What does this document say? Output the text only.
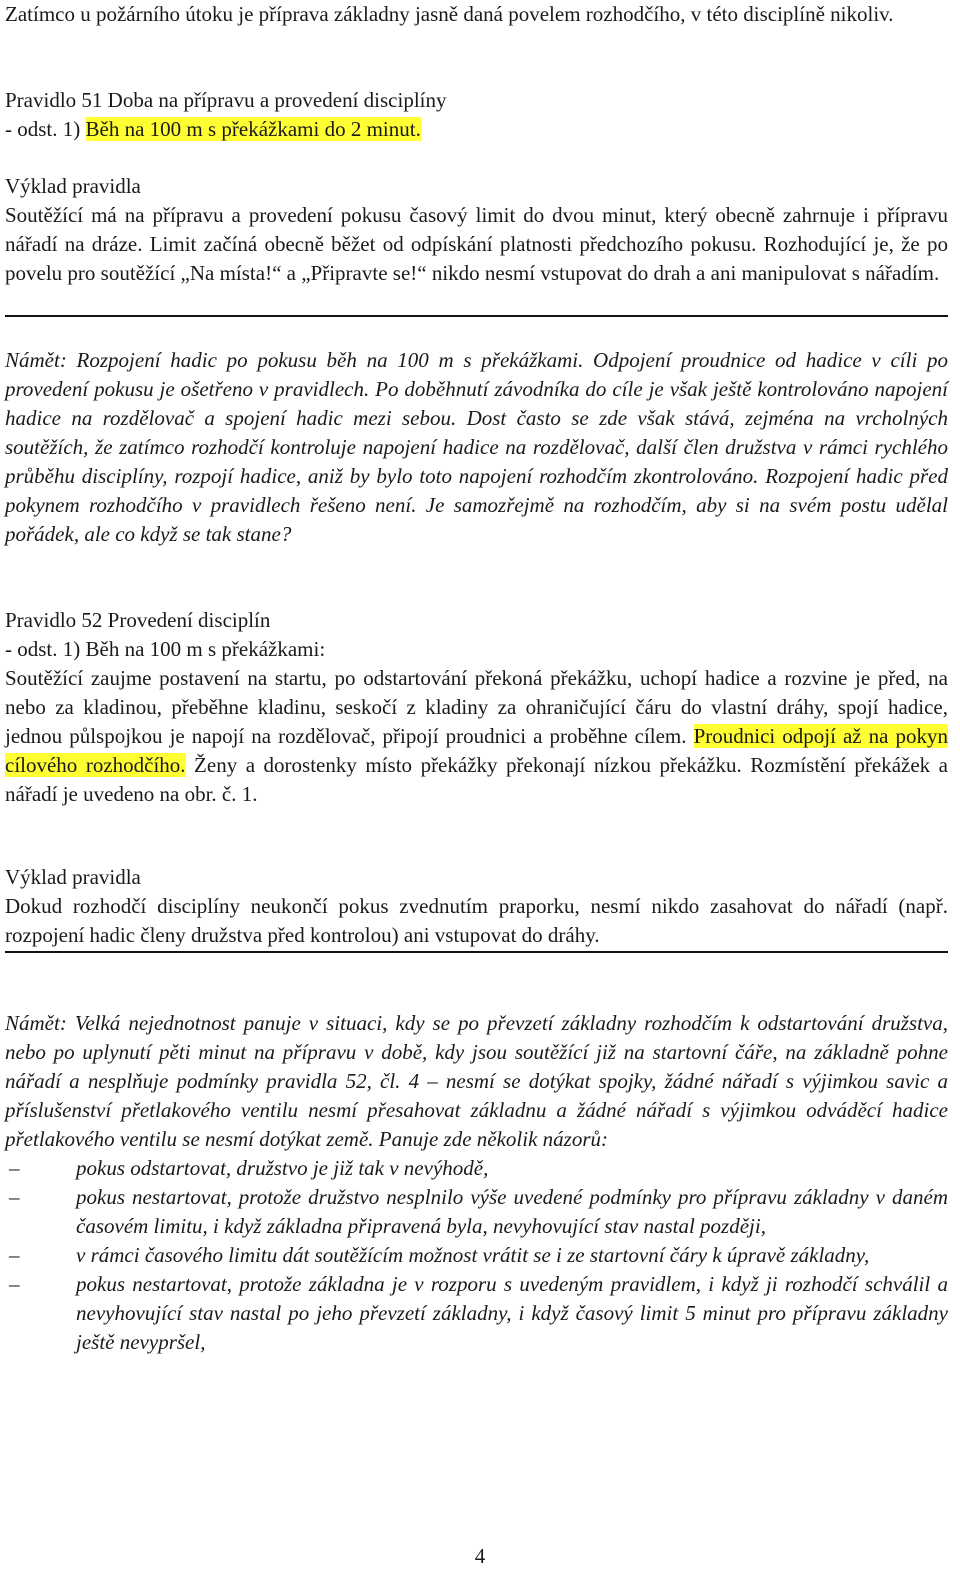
Zatímco u požárního útoku je příprava základny jasně daná povelem rozhodčího, v této disciplíně nikoliv.

Pravidlo 51 Doba na přípravu a provedení disciplíny

- odst. 1) Běh na 100 m s překážkami do 2 minut.

Výklad pravidla

Soutěžící má na přípravu a provedení pokusu časový limit do dvou minut, který obecně zahrnuje i přípravu nářadí na dráze. Limit začíná obecně běžet od odpískání platnosti předchozího pokusu. Rozhodující je, že po povelu pro soutěžící „Na místa!“ a „Připravte se!“ nikdo nesmí vstupovat do drah a ani manipulovat s nářadím.

Námět: Rozpojení hadic po pokusu běh na 100 m s překážkami. Odpojení proudnice od hadice v cíli po provedení pokusu je ošetřeno v pravidlech. Po doběhnutí závodníka do cíle je však ještě kontrolováno napojení hadice na rozdělovač a spojení hadic mezi sebou. Dost často se zde však stává, zejména na vrcholných soutěžích, že zatímco rozhodčí kontroluje napojení hadice na rozdělovač, další člen družstva v rámci rychlého průběhu disciplíny, rozpojí hadice, aniž by bylo toto napojení rozhodčím zkontrolováno. Rozpojení hadic před pokynem rozhodčího v pravidlech řešeno není. Je samozřejmě na rozhodčím, aby si na svém postu udělal pořádek, ale co když se tak stane?

Pravidlo 52 Provedení disciplín

- odst. 1) Běh na 100 m s překážkami:

Soutěžící zaujme postavení na startu, po odstartování překoná překážku, uchopí hadice a rozvine je před, na nebo za kladinou, přeběhne kladinu, seskočí z kladiny za ohraničující čáru do vlastní dráhy, spojí hadice, jednou půlspojkou je napojí na rozdělovač, připojí proudnici a proběhne cílem. Proudnici odpojí až na pokyn cílového rozhodčího. Ženy a dorostenky místo překážky překonají nízkou překážku. Rozmístění překážek a nářadí je uvedeno na obr. č. 1.

Výklad pravidla

Dokud rozhodčí disciplíny neukončí pokus zvednutím praporku, nesmí nikdo zasahovat do nářadí (např. rozpojení hadic členy družstva před kontrolou) ani vstupovat do dráhy.

Námět: Velká nejednotnost panuje v situaci, kdy se po převzetí základny rozhodčím k odstartování družstva, nebo po uplynutí pěti minut na přípravu v době, kdy jsou soutěžící již na startovní čáře, na základně pohne nářadí a nesplňuje podmínky pravidla 52, čl. 4 – nesmí se dotýkat spojky, žádné nářadí s výjimkou savic a příslušenství přetlakového ventilu nesmí přesahovat základnu a žádné nářadí s výjimkou odváděcí hadice přetlakového ventilu se nesmí dotýkat země. Panuje zde několik názorů:

–	pokus odstartovat, družstvo je již tak v nevýhodě,
–	pokus nestartovat, protože družstvo nesplnilo výše uvedené podmínky pro přípravu základny v daném časovém limitu, i když základna připravená byla, nevyhovující stav nastal později,
–	v rámci časového limitu dát soutěžícím možnost vrátit se i ze startovní čáry k úpravě základny,
–	pokus nestartovat, protože základna je v rozporu s uvedeným pravidlem, i když ji rozhodčí schválil a nevyhovující stav nastal po jeho převzetí základny, i když časový limit 5 minut pro přípravu základny ještě nevypršel,
4
